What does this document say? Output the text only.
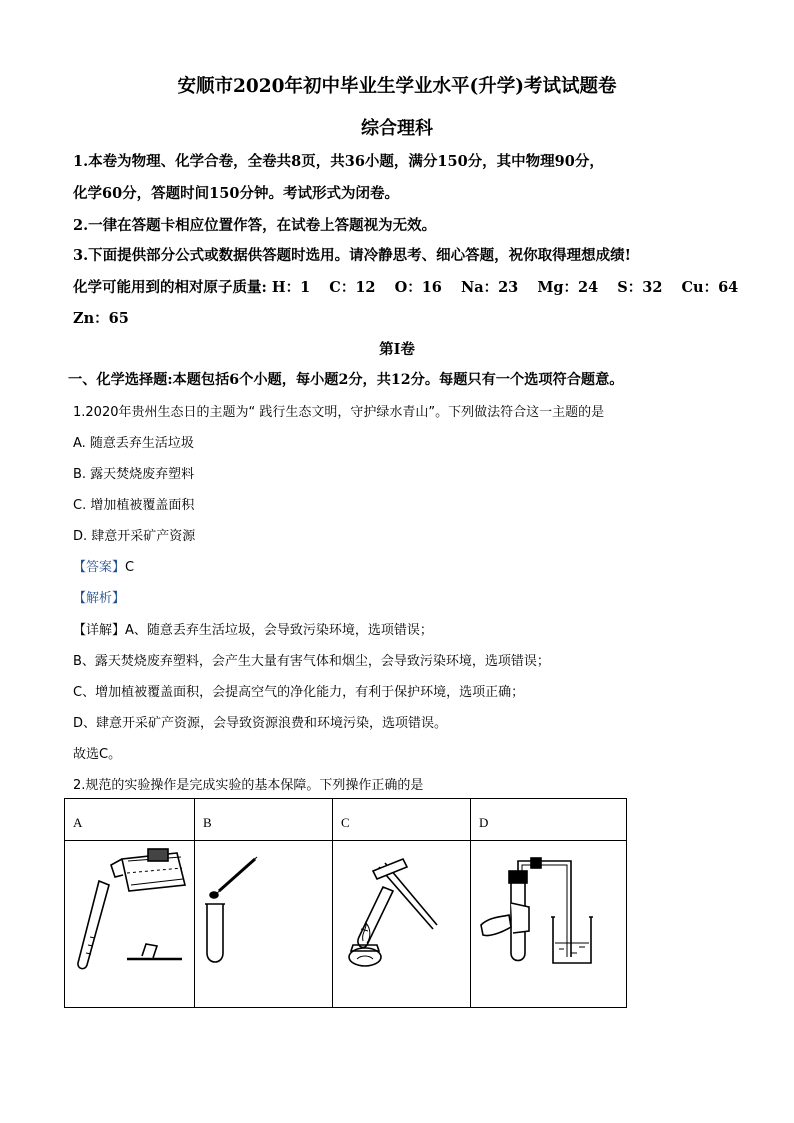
安顺市2020年初中毕业生学业水平(升学)考试试题卷
综合理科
1.本卷为物理、化学合卷，全卷共8页，共36小题，满分150分，其中物理90分，
化学60分，答题时间150分钟。考试形式为闭卷。
2.一律在答题卡相应位置作答，在试卷上答题视为无效。
3.下面提供部分公式或数据供答题时选用。请冷静思考、细心答题，祝你取得理想成绩!
化学可能用到的相对原子质量: H：1 C：12 O：16 Na：23 Mg：24 S：32 Cu：64
Zn：65
第Ⅰ卷
一、化学选择题:本题包括6个小题，每小题2分，共12分。每题只有一个选项符合题意。
1.2020年贵州生态日的主题为“ 践行生态文明，守护绿水青山”。下列做法符合这一主题的是
A. 随意丢弃生活垃圾
B. 露天焚烧废弃塑料
C. 增加植被覆盖面积
D. 肆意开采矿产资源
【答案】C
【解析】
【详解】A、随意丢弃生活垃圾，会导致污染环境，选项错误；
B、露天焚烧废弃塑料，会产生大量有害气体和烟尘，会导致污染环境，选项错误；
C、增加植被覆盖面积，会提高空气的净化能力，有利于保护环境，选项正确；
D、肆意开采矿产资源，会导致资源浪费和环境污染，选项错误。
故选C。
2.规范的实验操作是完成实验的基本保障。下列操作正确的是
A	B	C	D
